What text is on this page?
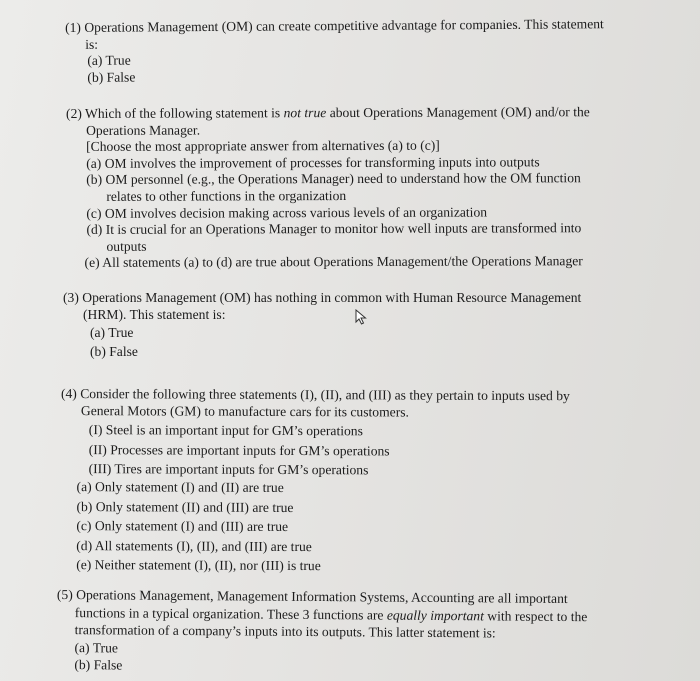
(1) Operations Management (OM) can create competitive advantage for companies. This statement
is:
(a) True
(b) False
(2) Which of the following statement is not true about Operations Management (OM) and/or the
Operations Manager.
[Choose the most appropriate answer from alternatives (a) to (c)]
(a) OM involves the improvement of processes for transforming inputs into outputs
(b) OM personnel (e.g., the Operations Manager) need to understand how the OM function
relates to other functions in the organization
(c) OM involves decision making across various levels of an organization
(d) It is crucial for an Operations Manager to monitor how well inputs are transformed into
outputs
(e) All statements (a) to (d) are true about Operations Management/the Operations Manager
(3) Operations Management (OM) has nothing in common with Human Resource Management
(HRM). This statement is:
(a) True
(b) False
(4) Consider the following three statements (I), (II), and (III) as they pertain to inputs used by
General Motors (GM) to manufacture cars for its customers.
(I) Steel is an important input for GM’s operations
(II) Processes are important inputs for GM’s operations
(III) Tires are important inputs for GM’s operations
(a) Only statement (I) and (II) are true
(b) Only statement (II) and (III) are true
(c) Only statement (I) and (III) are true
(d) All statements (I), (II), and (III) are true
(e) Neither statement (I), (II), nor (III) is true
(5) Operations Management, Management Information Systems, Accounting are all important
functions in a typical organization. These 3 functions are equally important with respect to the
transformation of a company’s inputs into its outputs. This latter statement is:
(a) True
(b) False
